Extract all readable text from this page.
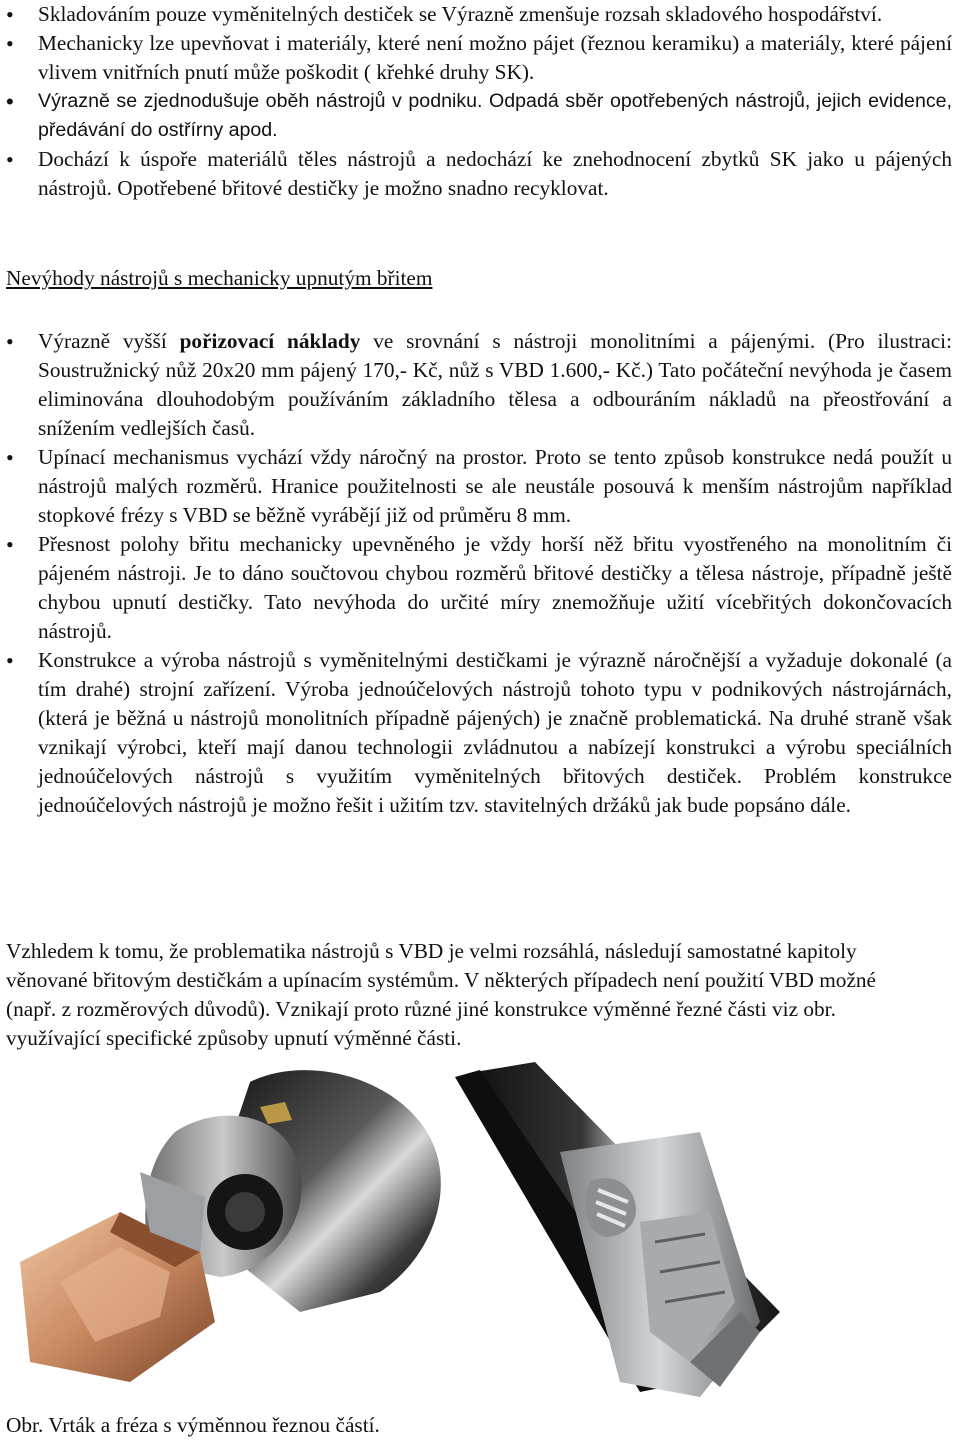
• Skladováním pouze vyměnitelných destiček se Výrazně zmenšuje rozsah skladového hospodářství.
• Mechanicky lze upevňovat i materiály, které není možno pájet (řeznou keramiku) a materiály, které pájení vlivem vnitřních pnutí může poškodit ( křehké druhy SK).
• Výrazně se zjednodušuje oběh nástrojů v podniku. Odpadá sběr opotřebených nástrojů, jejich evidence, předávání do ostřírny apod.
• Dochází k úspoře materiálů těles nástrojů a nedochází ke znehodnocení zbytků SK jako u pájených nástrojů. Opotřebené břitové destičky je možno snadno recyklovat.
Nevýhody nástrojů s mechanicky upnutým břitem
• Výrazně vyšší pořizovací náklady ve srovnání s nástroji monolitními a pájenými. (Pro ilustraci: Soustružnický nůž 20x20 mm pájený 170,- Kč, nůž s VBD 1.600,- Kč.) Tato počáteční nevýhoda je časem eliminována dlouhodobým používáním základního tělesa a odbouráním nákladů na přeostřování a snížením vedlejších časů.
• Upínací mechanismus vychází vždy náročný na prostor. Proto se tento způsob konstrukce nedá použít u nástrojů malých rozměrů. Hranice použitelnosti se ale neustále posouvá k menším nástrojům například stopkové frézy s VBD se běžně vyrábějí již od průměru 8 mm.
• Přesnost polohy břitu mechanicky upevněného je vždy horší něž břitu vyostřeného na monolitním či pájeném nástroji. Je to dáno součtovou chybou rozměrů břitové destičky a tělesa nástroje, případně ještě chybou upnutí destičky. Tato nevýhoda do určité míry znemožňuje užití vícebřitých dokončovacích nástrojů.
• Konstrukce a výroba nástrojů s vyměnitelnými destičkami je výrazně náročnější a vyžaduje dokonalé (a tím drahé) strojní zařízení. Výroba jednoúčelových nástrojů tohoto typu v podnikových nástrojárnách, (která je běžná u nástrojů monolitních případně pájených) je značně problematická. Na druhé straně však vznikají výrobci, kteří mají danou technologii zvládnutou a nabízejí konstrukci a výrobu speciálních jednoúčelových nástrojů s využitím vyměnitelných břitových destiček. Problém konstrukce jednoúčelových nástrojů je možno řešit i užitím tzv. stavitelných držáků jak bude popsáno dále.

Vzhledem k tomu, že problematika nástrojů s VBD je velmi rozsáhlá, následují samostatné kapitoly věnované břitovým destičkám a upínacím systémům. V některých případech není použití VBD možné (např. z rozměrových důvodů). Vznikají proto různé jiné konstrukce výměnné řezné části viz obr. využívající specifické způsoby upnutí výměnné části.

Obr. Vrták a fréza s výměnnou řeznou částí.
